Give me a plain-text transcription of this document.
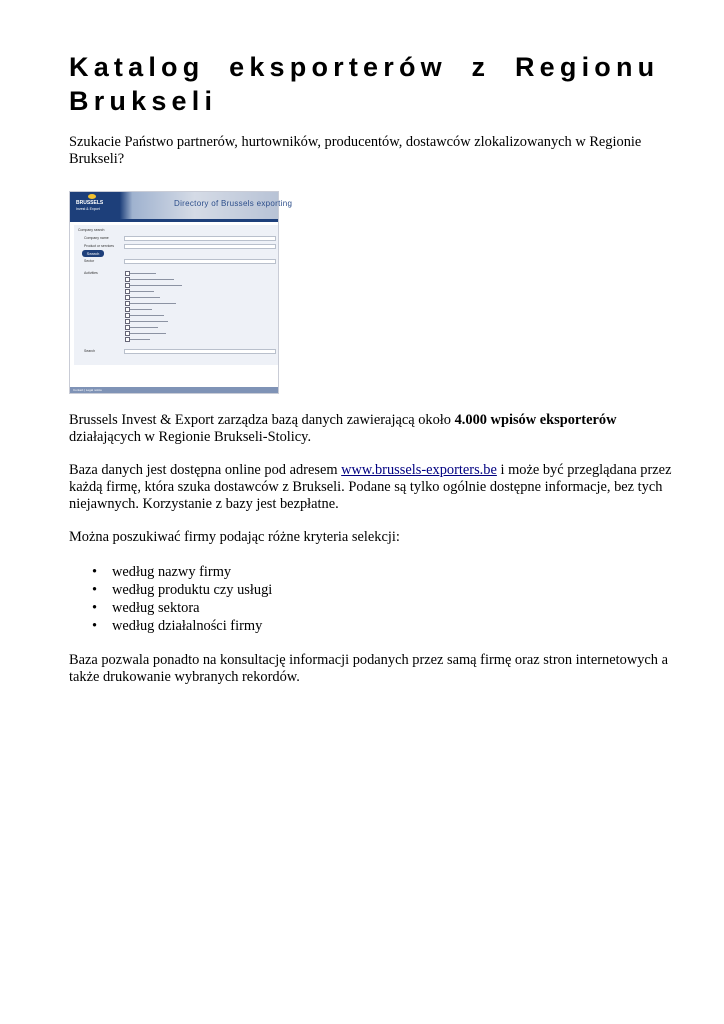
Katalog eksporterów z Regionu Brukseli

Szukacie Państwo partnerów, hurtowników, producentów, dostawców zlokalizowanych w Regionie Brukseli?

BRUSSELS
Invest & Export
Directory of Brussels exporting
Company search
Company name
Product or services
Search
Sector
Activities
Search
Contact | Legal notice

Brussels Invest & Export zarządza bazą danych zawierającą około 4.000 wpisów eksporterów działających w Regionie Brukseli-Stolicy.

Baza danych jest dostępna online pod adresem www.brussels-exporters.be i może być przeglądana przez każdą firmę, która szuka dostawców z Brukseli. Podane są tylko ogólnie dostępne informacje, bez tych niejawnych. Korzystanie z bazy jest bezpłatne.

Można poszukiwać firmy podając różne kryteria selekcji:

• według nazwy firmy
• według produktu czy usługi
• według sektora
• według działalności firmy

Baza pozwala ponadto na konsultację informacji podanych przez samą firmę oraz stron internetowych a także drukowanie wybranych rekordów.
